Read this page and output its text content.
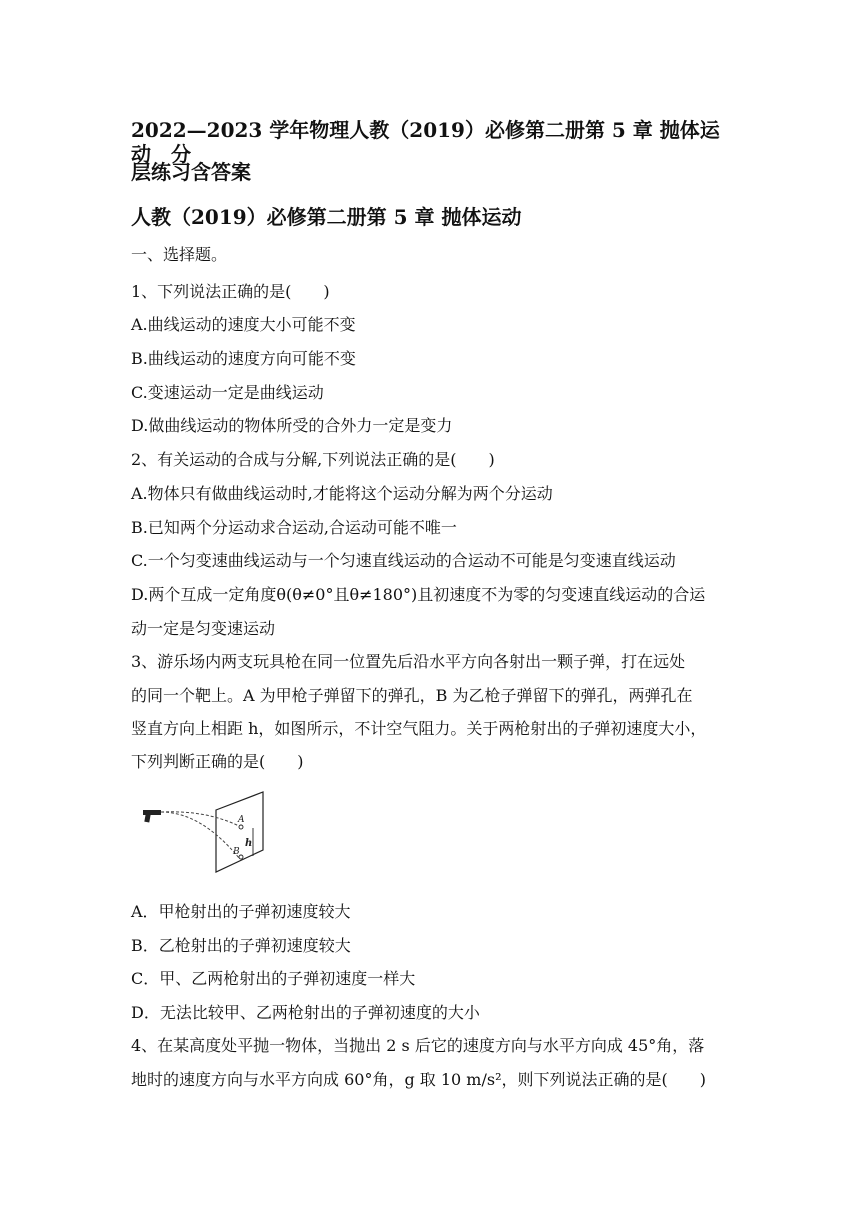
2022—2023 学年物理人教（2019）必修第二册第 5 章 抛体运动　分
层练习含答案
人教（2019）必修第二册第 5 章 抛体运动
一、选择题。
1、下列说法正确的是(　　)
A.曲线运动的速度大小可能不变
B.曲线运动的速度方向可能不变
C.变速运动一定是曲线运动
D.做曲线运动的物体所受的合外力一定是变力
2、有关运动的合成与分解,下列说法正确的是(　　)
A.物体只有做曲线运动时,才能将这个运动分解为两个分运动
B.已知两个分运动求合运动,合运动可能不唯一
C.一个匀变速曲线运动与一个匀速直线运动的合运动不可能是匀变速直线运动
D.两个互成一定角度θ(θ≠0°且θ≠180°)且初速度不为零的匀变速直线运动的合运
动一定是匀变速运动
3、游乐场内两支玩具枪在同一位置先后沿水平方向各射出一颗子弹，打在远处
的同一个靶上。A 为甲枪子弹留下的弹孔，B 为乙枪子弹留下的弹孔，两弹孔在
竖直方向上相距 h，如图所示，不计空气阻力。关于两枪射出的子弹初速度大小，
下列判断正确的是(　　)
A
B
h
A．甲枪射出的子弹初速度较大
B．乙枪射出的子弹初速度较大
C．甲、乙两枪射出的子弹初速度一样大
D．无法比较甲、乙两枪射出的子弹初速度的大小
4、在某高度处平抛一物体，当抛出 2 s 后它的速度方向与水平方向成 45°角，落
地时的速度方向与水平方向成 60°角，g 取 10 m/s²，则下列说法正确的是(　　)
